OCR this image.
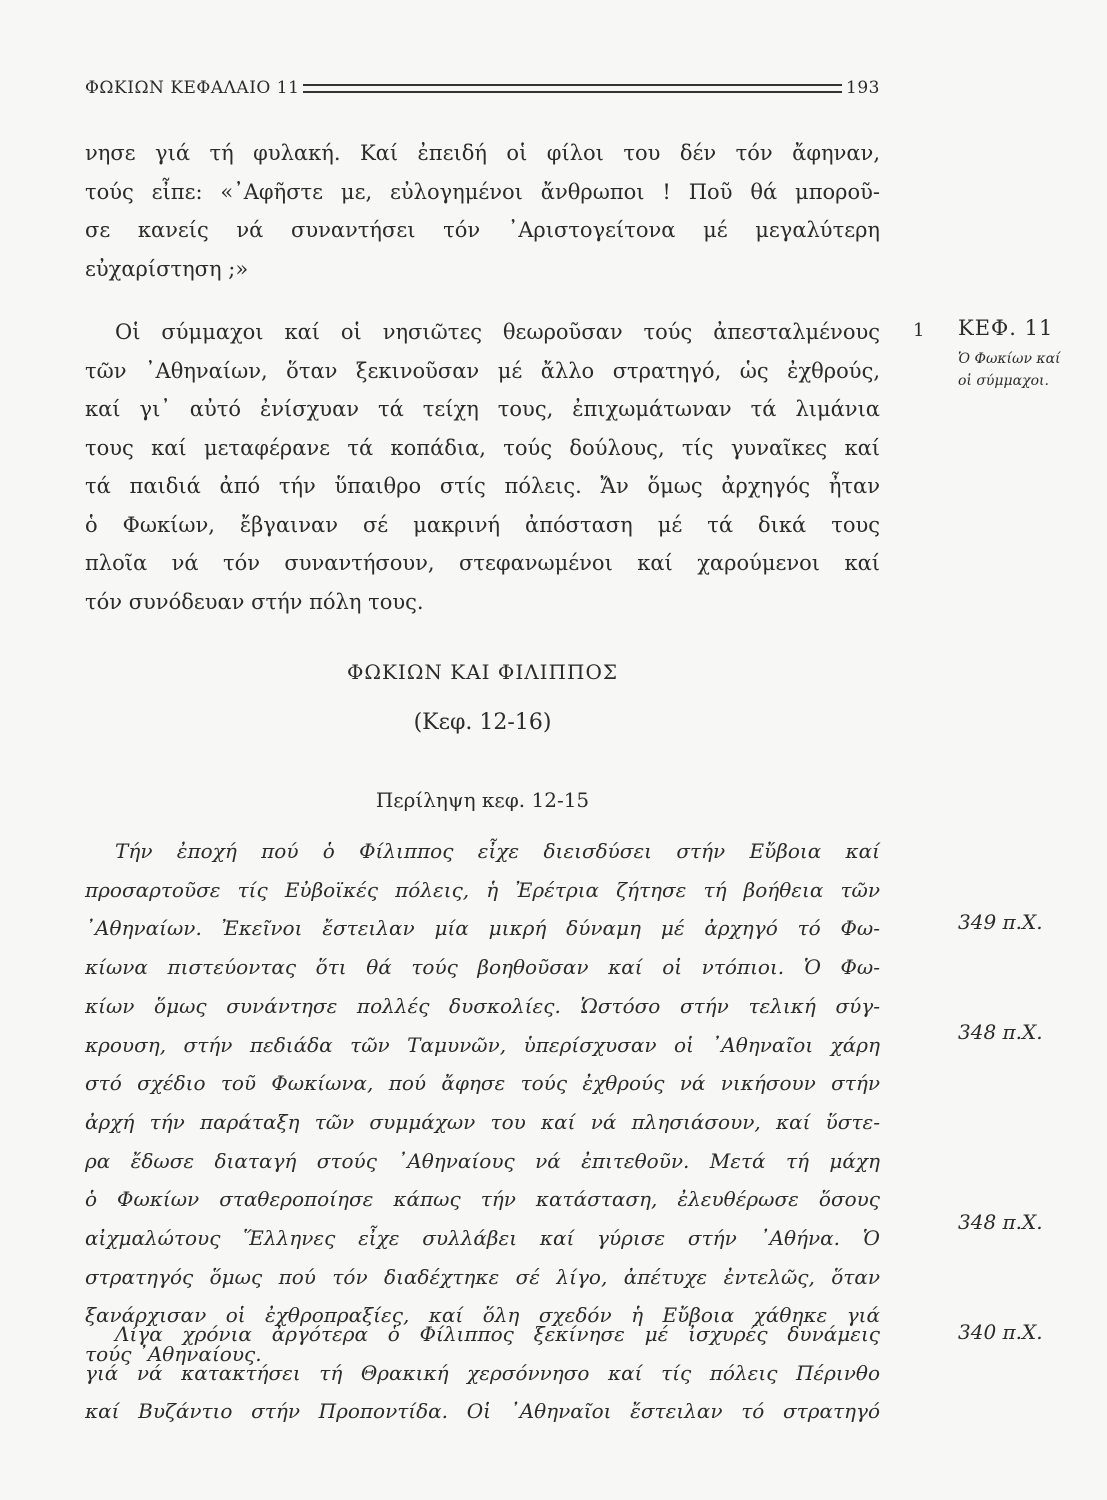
ΦΩΚΙΩΝ ΚΕΦΑΛΑΙΟ 11	193

νησε γιά τή φυλακή. Καί ἐπειδή οἱ φίλοι του δέν τόν ἄφηναν,
τούς εἶπε: «᾽Αφῆστε με, εὐλογημένοι ἄνθρωποι ! Ποῦ θά μποροῦ-
σε κανείς νά συναντήσει τόν ᾽Αριστογείτονα μέ μεγαλύτερη
εὐχαρίστηση ;»

Οἱ σύμμαχοι καί οἱ νησιῶτες θεωροῦσαν τούς ἀπεσταλμένους
τῶν ᾽Αθηναίων, ὅταν ξεκινοῦσαν μέ ἄλλο στρατηγό, ὡς ἐχθρούς,
καί γι᾽ αὐτό ἐνίσχυαν τά τείχη τους, ἐπιχωμάτωναν τά λιμάνια
τους καί μεταφέρανε τά κοπάδια, τούς δούλους, τίς γυναῖκες καί
τά παιδιά ἀπό τήν ὕπαιθρο στίς πόλεις. Ἄν ὅμως ἀρχηγός ἦταν
ὁ Φωκίων, ἔβγαιναν σέ μακρινή ἀπόσταση μέ τά δικά τους
πλοῖα νά τόν συναντήσουν, στεφανωμένοι καί χαρούμενοι καί
τόν συνόδευαν στήν πόλη τους.

1 ΚΕΦ. 11
Ὁ Φωκίων καί
οἱ σύμμαχοι.
ΦΩΚΙΩΝ ΚΑΙ ΦΙΛΙΠΠΟΣ
(Κεφ. 12-16)
Περίληψη κεφ. 12-15

Τήν ἐποχή πού ὁ Φίλιππος εἶχε διεισδύσει στήν Εὔβοια καί
προσαρτοῦσε τίς Εὐβοϊκές πόλεις, ἡ Ἐρέτρια ζήτησε τή βοήθεια τῶν
᾽Αθηναίων. Ἐκεῖνοι ἔστειλαν μία μικρή δύναμη μέ ἀρχηγό τό Φω-
κίωνα πιστεύοντας ὅτι θά τούς βοηθοῦσαν καί οἱ ντόπιοι. Ὁ Φω-
κίων ὅμως συνάντησε πολλές δυσκολίες. Ὡστόσο στήν τελική σύγ-
κρουση, στήν πεδιάδα τῶν Ταμυνῶν, ὑπερίσχυσαν οἱ ᾽Αθηναῖοι χάρη
στό σχέδιο τοῦ Φωκίωνα, πού ἄφησε τούς ἐχθρούς νά νικήσουν στήν
ἀρχή τήν παράταξη τῶν συμμάχων του καί νά πλησιάσουν, καί ὕστε-
ρα ἔδωσε διαταγή στούς ᾽Αθηναίους νά ἐπιτεθοῦν. Μετά τή μάχη
ὁ Φωκίων σταθεροποίησε κάπως τήν κατάσταση, ἐλευθέρωσε ὅσους
αἰχμαλώτους Ἕλληνες εἶχε συλλάβει καί γύρισε στήν ᾽Αθήνα. Ὁ
στρατηγός ὅμως πού τόν διαδέχτηκε σέ λίγο, ἀπέτυχε ἐντελῶς, ὅταν
ξανάρχισαν οἱ ἐχθροπραξίες, καί ὅλη σχεδόν ἡ Εὔβοια χάθηκε γιά
τούς ᾽Αθηναίους.

Λίγα χρόνια ἀργότερα ὁ Φίλιππος ξεκίνησε μέ ἰσχυρές δυνάμεις
γιά νά κατακτήσει τή Θρακική χερσόννησο καί τίς πόλεις Πέρινθο
καί Βυζάντιο στήν Προποντίδα. Οἱ ᾽Αθηναῖοι ἔστειλαν τό στρατηγό

349 π.Χ.
348 π.Χ.
348 π.Χ.
340 π.Χ.
